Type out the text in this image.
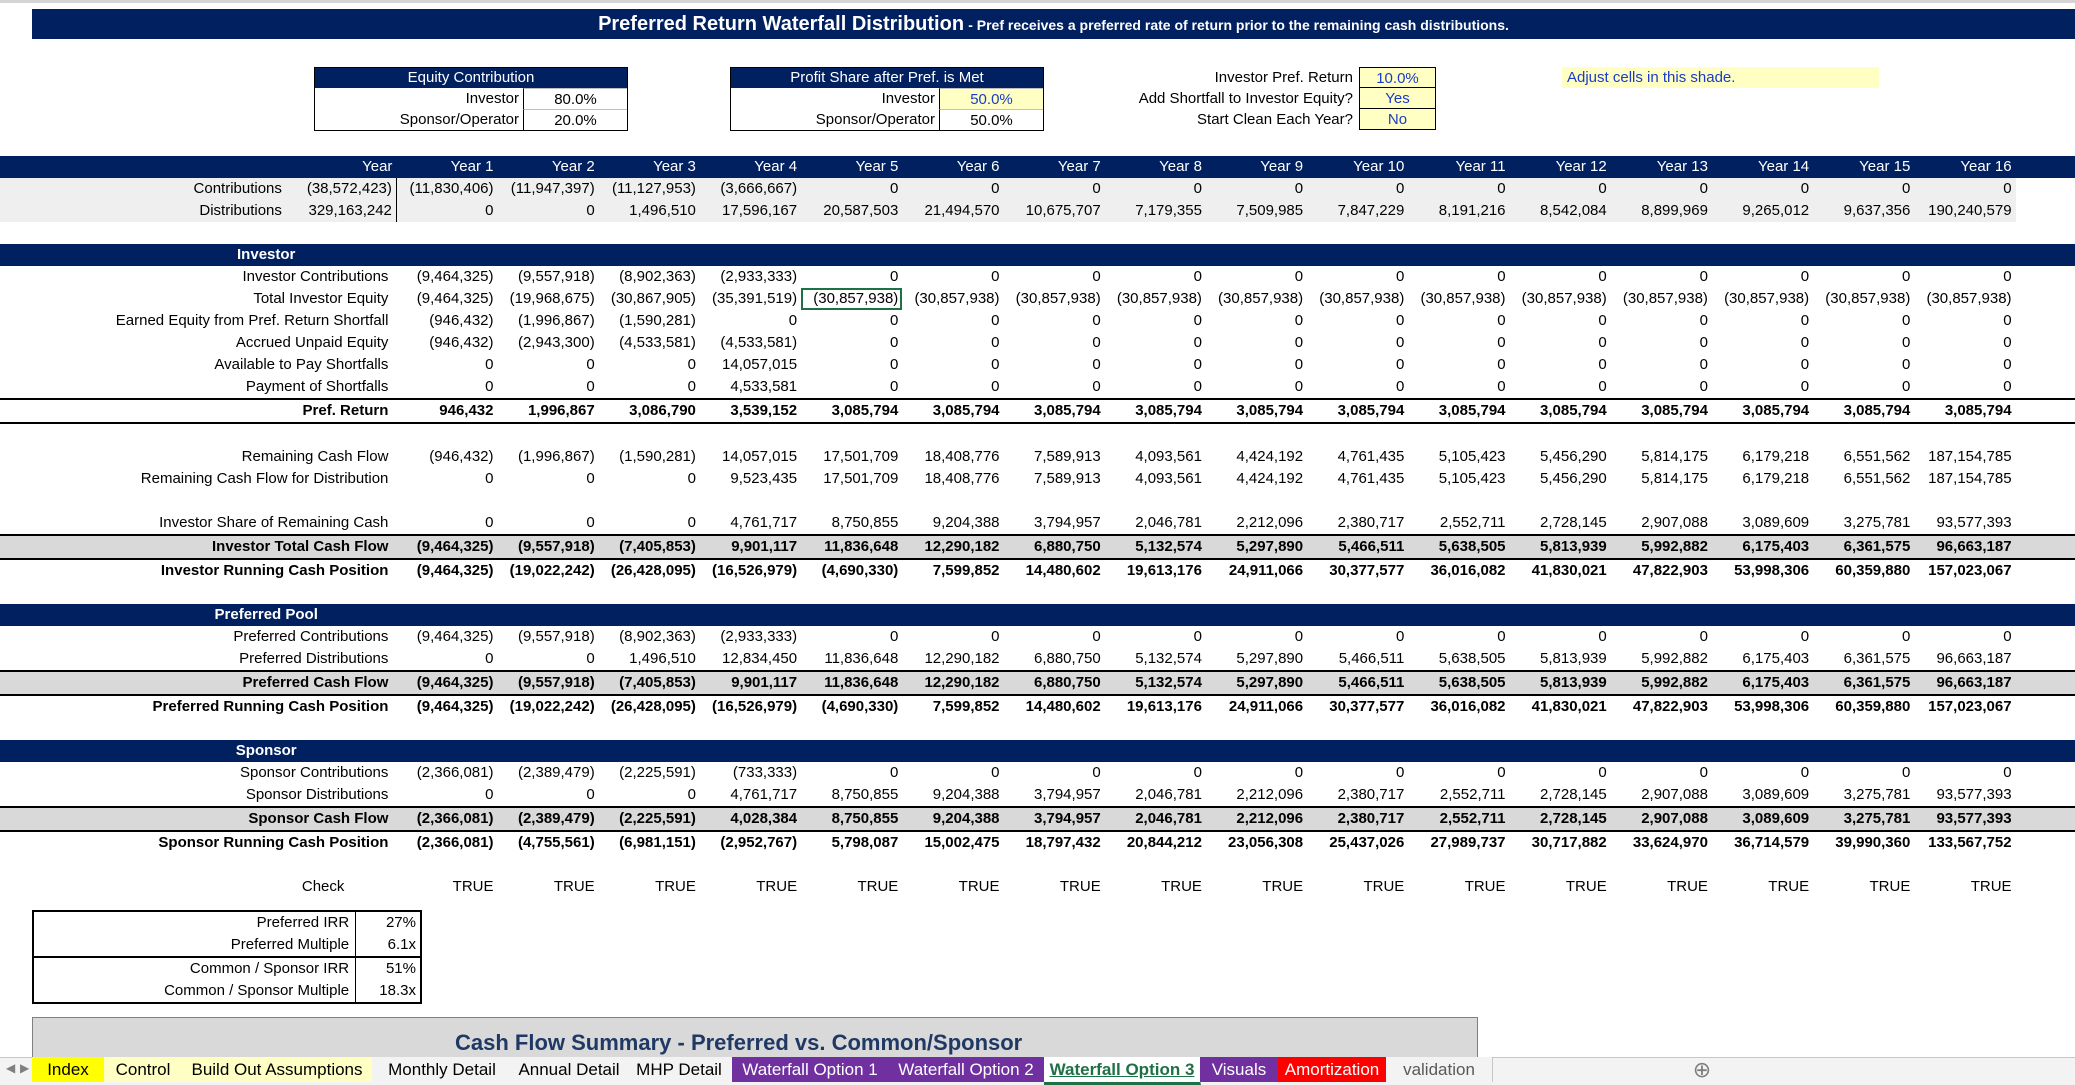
Preferred Return Waterfall Distribution - Pref receives a preferred rate of return prior to the remaining cash distributions.
Equity Contribution
Investor	80.0%
Sponsor/Operator	20.0%
Profit Share after Pref. is Met
Investor	50.0%
Sponsor/Operator	50.0%
Investor Pref. Return	10.0%
Add Shortfall to Investor Equity?	Yes
Start Clean Each Year?	No
Adjust cells in this shade.
Year	Year 1	Year 2	Year 3	Year 4	Year 5	Year 6	Year 7	Year 8	Year 9	Year 10	Year 11	Year 12	Year 13	Year 14	Year 15	Year 16	
Contributions (38,572,423)	(11,830,406)	(11,947,397)	(11,127,953)	(3,666,667)	0	0	0	0	0	0	0	0	0	0	0	0	
Distributions 329,163,242	0	0	1,496,510	17,596,167	20,587,503	21,494,570	10,675,707	7,179,355	7,509,985	7,847,229	8,191,216	8,542,084	8,899,969	9,265,012	9,637,356	190,240,579	

Investor																	
Investor Contributions	(9,464,325)	(9,557,918)	(8,902,363)	(2,933,333)	0	0	0	0	0	0	0	0	0	0	0	0	
Total Investor Equity	(9,464,325)	(19,968,675)	(30,867,905)	(35,391,519)	(30,857,938)	(30,857,938)	(30,857,938)	(30,857,938)	(30,857,938)	(30,857,938)	(30,857,938)	(30,857,938)	(30,857,938)	(30,857,938)	(30,857,938)	(30,857,938)	
Earned Equity from Pref. Return Shortfall	(946,432)	(1,996,867)	(1,590,281)	0	0	0	0	0	0	0	0	0	0	0	0	0	
Accrued Unpaid Equity	(946,432)	(2,943,300)	(4,533,581)	(4,533,581)	0	0	0	0	0	0	0	0	0	0	0	0	
Available to Pay Shortfalls	0	0	0	14,057,015	0	0	0	0	0	0	0	0	0	0	0	0	
Payment of Shortfalls	0	0	0	4,533,581	0	0	0	0	0	0	0	0	0	0	0	0	
Pref. Return	946,432	1,996,867	3,086,790	3,539,152	3,085,794	3,085,794	3,085,794	3,085,794	3,085,794	3,085,794	3,085,794	3,085,794	3,085,794	3,085,794	3,085,794	3,085,794	

Remaining Cash Flow	(946,432)	(1,996,867)	(1,590,281)	14,057,015	17,501,709	18,408,776	7,589,913	4,093,561	4,424,192	4,761,435	5,105,423	5,456,290	5,814,175	6,179,218	6,551,562	187,154,785	
Remaining Cash Flow for Distribution	0	0	0	9,523,435	17,501,709	18,408,776	7,589,913	4,093,561	4,424,192	4,761,435	5,105,423	5,456,290	5,814,175	6,179,218	6,551,562	187,154,785	

Investor Share of Remaining Cash	0	0	0	4,761,717	8,750,855	9,204,388	3,794,957	2,046,781	2,212,096	2,380,717	2,552,711	2,728,145	2,907,088	3,089,609	3,275,781	93,577,393	
Investor Total Cash Flow	(9,464,325)	(9,557,918)	(7,405,853)	9,901,117	11,836,648	12,290,182	6,880,750	5,132,574	5,297,890	5,466,511	5,638,505	5,813,939	5,992,882	6,175,403	6,361,575	96,663,187	
Investor Running Cash Position	(9,464,325)	(19,022,242)	(26,428,095)	(16,526,979)	(4,690,330)	7,599,852	14,480,602	19,613,176	24,911,066	30,377,577	36,016,082	41,830,021	47,822,903	53,998,306	60,359,880	157,023,067	

Preferred Pool																	
Preferred Contributions	(9,464,325)	(9,557,918)	(8,902,363)	(2,933,333)	0	0	0	0	0	0	0	0	0	0	0	0	
Preferred Distributions	0	0	1,496,510	12,834,450	11,836,648	12,290,182	6,880,750	5,132,574	5,297,890	5,466,511	5,638,505	5,813,939	5,992,882	6,175,403	6,361,575	96,663,187	
Preferred Cash Flow	(9,464,325)	(9,557,918)	(7,405,853)	9,901,117	11,836,648	12,290,182	6,880,750	5,132,574	5,297,890	5,466,511	5,638,505	5,813,939	5,992,882	6,175,403	6,361,575	96,663,187	
Preferred Running Cash Position	(9,464,325)	(19,022,242)	(26,428,095)	(16,526,979)	(4,690,330)	7,599,852	14,480,602	19,613,176	24,911,066	30,377,577	36,016,082	41,830,021	47,822,903	53,998,306	60,359,880	157,023,067	

Sponsor																	
Sponsor Contributions	(2,366,081)	(2,389,479)	(2,225,591)	(733,333)	0	0	0	0	0	0	0	0	0	0	0	0	
Sponsor Distributions	0	0	0	4,761,717	8,750,855	9,204,388	3,794,957	2,046,781	2,212,096	2,380,717	2,552,711	2,728,145	2,907,088	3,089,609	3,275,781	93,577,393	
Sponsor Cash Flow	(2,366,081)	(2,389,479)	(2,225,591)	4,028,384	8,750,855	9,204,388	3,794,957	2,046,781	2,212,096	2,380,717	2,552,711	2,728,145	2,907,088	3,089,609	3,275,781	93,577,393	
Sponsor Running Cash Position	(2,366,081)	(4,755,561)	(6,981,151)	(2,952,767)	5,798,087	15,002,475	18,797,432	20,844,212	23,056,308	25,437,026	27,989,737	30,717,882	33,624,970	36,714,579	39,990,360	133,567,752	

Check	TRUE	TRUE	TRUE	TRUE	TRUE	TRUE	TRUE	TRUE	TRUE	TRUE	TRUE	TRUE	TRUE	TRUE	TRUE	TRUE	
Preferred IRR	27%
Preferred Multiple	6.1x
Common / Sponsor IRR	51%
Common / Sponsor Multiple	18.3x
Cash Flow Summary - Preferred vs. Common/Sponsor
◀ ▶	Index	Control	Build Out Assumptions	Monthly Detail	Annual Detail MHP Detail	Waterfall Option 1	Waterfall Option 2 Waterfall Option 3	Visuals	Amortization	validation	⊕
